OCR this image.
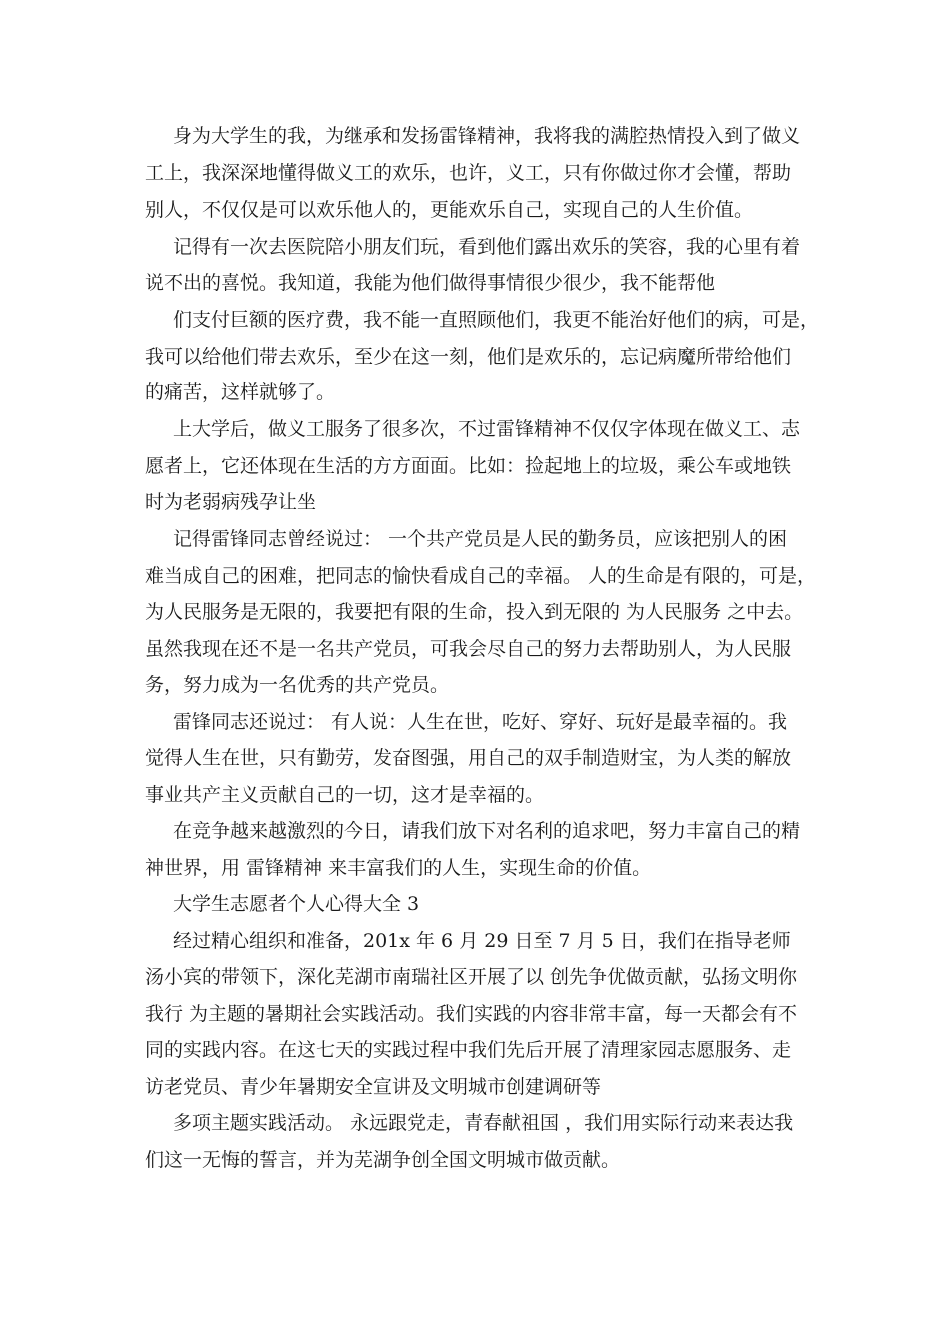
身为大学生的我，为继承和发扬雷锋精神，我将我的满腔热情投入到了做义
工上，我深深地懂得做义工的欢乐，也许，义工，只有你做过你才会懂，帮助
别人，不仅仅是可以欢乐他人的，更能欢乐自己，实现自己的人生价值。
记得有一次去医院陪小朋友们玩，看到他们露出欢乐的笑容，我的心里有着
说不出的喜悦。我知道，我能为他们做得事情很少很少，我不能帮他
们支付巨额的医疗费，我不能一直照顾他们，我更不能治好他们的病，可是，
我可以给他们带去欢乐，至少在这一刻，他们是欢乐的，忘记病魔所带给他们
的痛苦，这样就够了。
上大学后，做义工服务了很多次，不过雷锋精神不仅仅字体现在做义工、志
愿者上，它还体现在生活的方方面面。比如：捡起地上的垃圾，乘公车或地铁
时为老弱病残孕让坐
记得雷锋同志曾经说过： 一个共产党员是人民的勤务员，应该把别人的困
难当成自己的困难，把同志的愉快看成自己的幸福。 人的生命是有限的，可是，
为人民服务是无限的，我要把有限的生命，投入到无限的 为人民服务 之中去。
虽然我现在还不是一名共产党员，可我会尽自己的努力去帮助别人，为人民服
务，努力成为一名优秀的共产党员。
雷锋同志还说过： 有人说：人生在世，吃好、穿好、玩好是最幸福的。我
觉得人生在世，只有勤劳，发奋图强，用自己的双手制造财宝，为人类的解放
事业共产主义贡献自己的一切，这才是幸福的。
在竞争越来越激烈的今日，请我们放下对名利的追求吧，努力丰富自己的精
神世界，用 雷锋精神 来丰富我们的人生，实现生命的价值。
大学生志愿者个人心得大全 3
经过精心组织和准备，201x 年 6 月 29 日至 7 月 5 日，我们在指导老师
汤小宾的带领下，深化芜湖市南瑞社区开展了以 创先争优做贡献，弘扬文明你
我行 为主题的暑期社会实践活动。我们实践的内容非常丰富，每一天都会有不
同的实践内容。在这七天的实践过程中我们先后开展了清理家园志愿服务、走
访老党员、青少年暑期安全宣讲及文明城市创建调研等
多项主题实践活动。 永远跟党走，青春献祖国 ，我们用实际行动来表达我
们这一无悔的誓言，并为芜湖争创全国文明城市做贡献。
